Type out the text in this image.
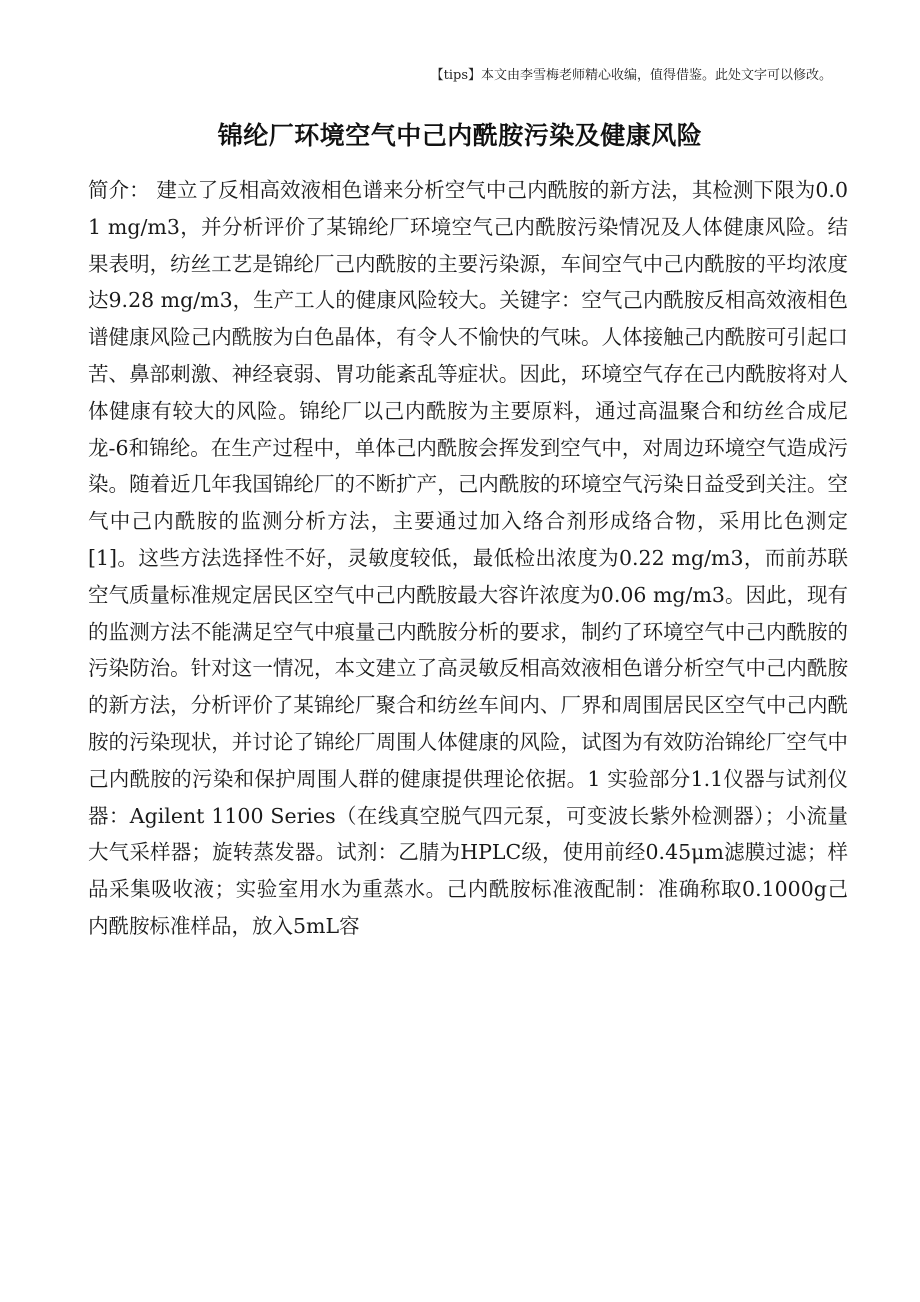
【tips】本文由李雪梅老师精心收编，值得借鉴。此处文字可以修改。
锦纶厂环境空气中己内酰胺污染及健康风险

简介： 建立了反相高效液相色谱来分析空气中己内酰胺的新方法，其检测下限为0.01 mg/m3，并分析评价了某锦纶厂环境空气己内酰胺污染情况及人体健康风险。结果表明，纺丝工艺是锦纶厂己内酰胺的主要污染源，车间空气中己内酰胺的平均浓度达9.28 mg/m3，生产工人的健康风险较大。关键字：空气己内酰胺反相高效液相色谱健康风险己内酰胺为白色晶体，有令人不愉快的气味。人体接触己内酰胺可引起口苦、鼻部刺激、神经衰弱、胃功能紊乱等症状。因此，环境空气存在己内酰胺将对人体健康有较大的风险。锦纶厂以己内酰胺为主要原料，通过高温聚合和纺丝合成尼龙-6和锦纶。在生产过程中，单体己内酰胺会挥发到空气中，对周边环境空气造成污染。随着近几年我国锦纶厂的不断扩产，己内酰胺的环境空气污染日益受到关注。空气中己内酰胺的监测分析方法，主要通过加入络合剂形成络合物，采用比色测定[1]。这些方法选择性不好，灵敏度较低，最低检出浓度为0.22 mg/m3，而前苏联空气质量标准规定居民区空气中己内酰胺最大容许浓度为0.06 mg/m3。因此，现有的监测方法不能满足空气中痕量己内酰胺分析的要求，制约了环境空气中己内酰胺的污染防治。针对这一情况，本文建立了高灵敏反相高效液相色谱分析空气中己内酰胺的新方法，分析评价了某锦纶厂聚合和纺丝车间内、厂界和周围居民区空气中己内酰胺的污染现状，并讨论了锦纶厂周围人体健康的风险，试图为有效防治锦纶厂空气中己内酰胺的污染和保护周围人群的健康提供理论依据。1 实验部分1.1仪器与试剂仪器：Agilent 1100 Series（在线真空脱气四元泵，可变波长紫外检测器）；小流量大气采样器；旋转蒸发器。试剂：乙腈为HPLC级，使用前经0.45μm滤膜过滤；样品采集吸收液；实验室用水为重蒸水。己内酰胺标准液配制：准确称取0.1000g己内酰胺标准样品，放入5mL容
